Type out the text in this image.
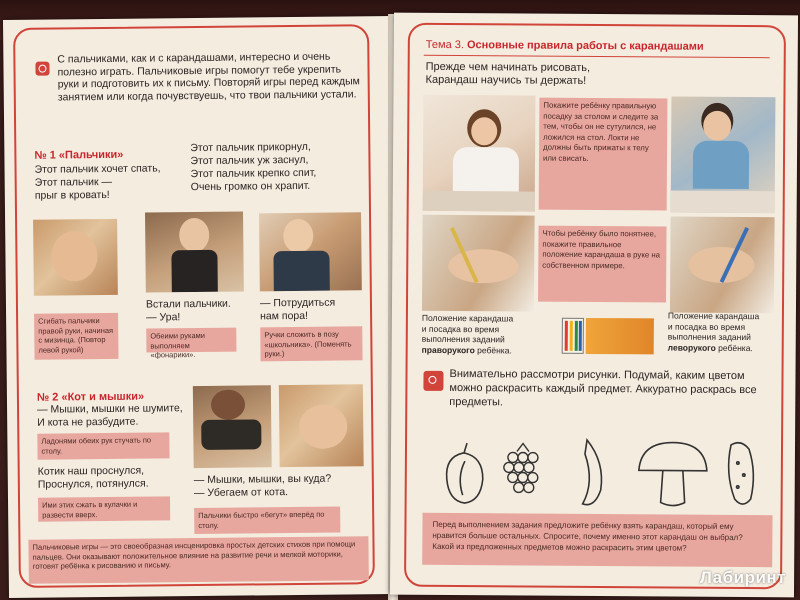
С пальчиками, как и с карандашами, интересно и очень полезно играть. Пальчиковые игры помогут тебе укрепить руки и подготовить их к письму. Повторяй игры перед каждым занятием или когда почувствуешь, что твои пальчики устали.
№ 1 «Пальчики»
Этот пальчик хочет спать,
Этот пальчик —
прыг в кровать!
Этот пальчик прикорнул,
Этот пальчик уж заснул,
Этот пальчик крепко спит,
Очень громко он храпит.
Сгибать пальчики правой руки, начиная с мизинца. (Повтор левой рукой)
Встали пальчики.
— Ура!
Обеими руками выполняем «фонарики».
— Потрудиться
нам пора!
Ручки сложить в позу «школьника». (Поменять руки.)
№ 2 «Кот и мышки»
— Мышки, мышки не шумите,
И кота не разбудите.
Ладонями обеих рук стучать по столу.
Котик наш проснулся,
Проснулся, потянулся.
Ими этих сжать в кулачки и развести вверх.
— Мышки, мышки, вы куда?
— Убегаем от кота.
Пальчики быстро «бегут» вперёд по столу.
Пальчиковые игры — это своеобразная инсценировка простых детских стихов при помощи пальцев. Они оказывают положительное влияние на развитие речи и мелкой моторики, готовят ребёнка к рисованию и письму.
Тема 3. Основные правила работы с карандашами
Прежде чем начинать рисовать,
Карандаш научись ты держать!
Покажите ребёнку правильную посадку за столом и следите за тем, чтобы он не сутулился, не ложился на стол. Локти не должны быть прижаты к телу или свисать.
Чтобы ребёнку было понятнее, покажите правильное положение карандаша в руке на собственном примере.
Положение карандаша
и посадка во время
выполнения заданий
праворукого ребёнка.
Положение карандаша
и посадка во время
выполнения заданий
леворукого ребёнка.
Внимательно рассмотри рисунки. Подумай, каким цветом можно раскрасить каждый предмет. Аккуратно раскрась все предметы.
Перед выполнением задания предложите ребёнку взять карандаш, который ему нравится больше остальных. Спросите, почему именно этот карандаш он выбрал? Какой из предложенных предметов можно раскрасить этим цветом?
Лабиринт
